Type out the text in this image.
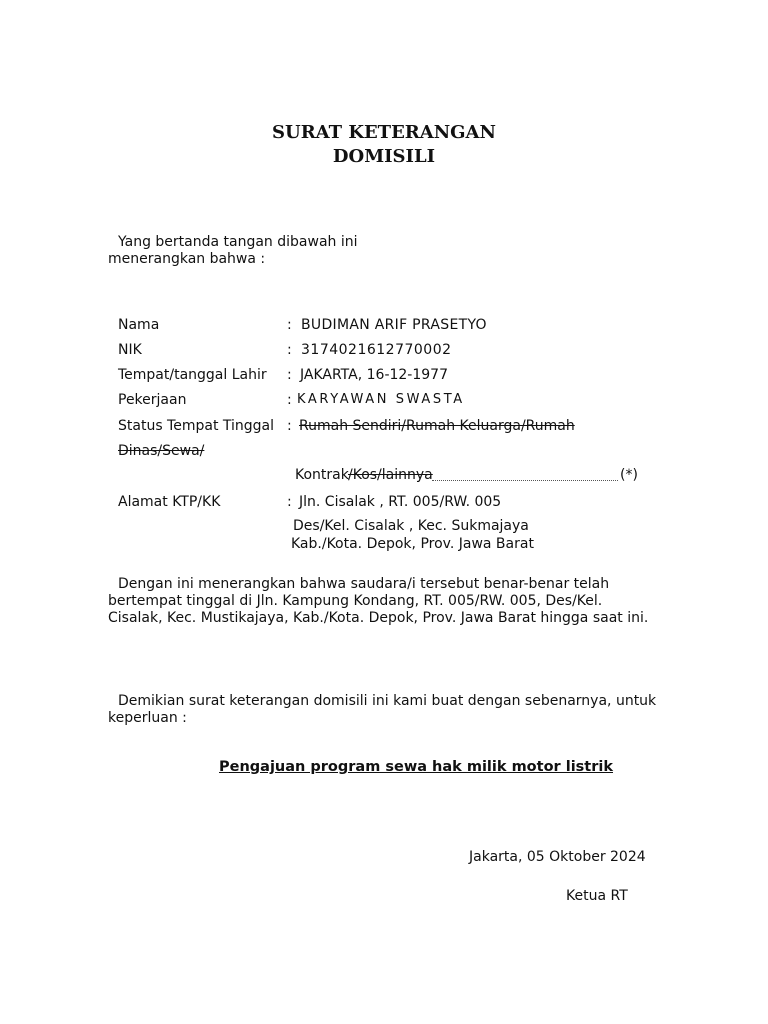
SURAT KETERANGAN
DOMISILI
Yang bertanda tangan dibawah ini
menerangkan bahwa :
Nama	: BUDIMAN ARIF PRASETYO
NIK	: 3174021612770002
Tempat/tanggal Lahir : JAKARTA, 16-12-1977
Pekerjaan	: KARYAWAN SWASTA
Status Tempat Tinggal : Rumah Sendiri/Rumah Keluarga/Rumah
Dinas/Sewa/
Kontrak /Kos/lainnya	(*)
Alamat KTP/KK	: Jln. Cisalak , RT. 005/RW. 005
Des/Kel. Cisalak , Kec. Sukmajaya
Kab./Kota. Depok, Prov. Jawa Barat
Dengan ini menerangkan bahwa saudara/i tersebut benar-benar telah
bertempat tinggal di Jln. Kampung Kondang, RT. 005/RW. 005, Des/Kel.
Cisalak, Kec. Mustikajaya, Kab./Kota. Depok, Prov. Jawa Barat hingga saat ini.
Demikian surat keterangan domisili ini kami buat dengan sebenarnya, untuk
keperluan :
Pengajuan program sewa hak milik motor listrik
Jakarta, 05 Oktober 2024
Ketua RT
